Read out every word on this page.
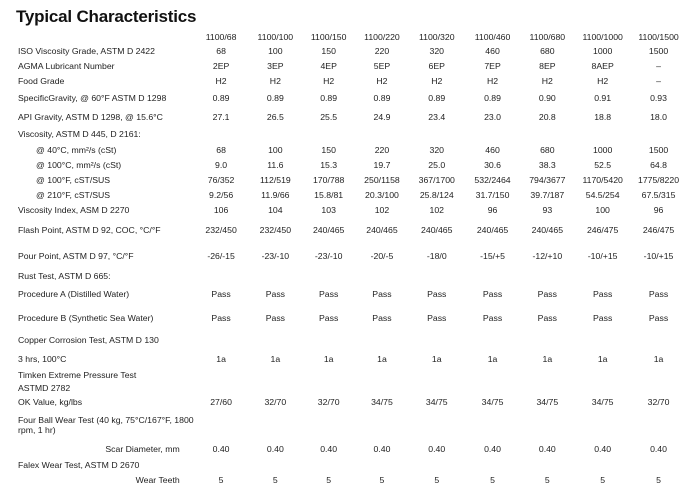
Typical Characteristics
	1100/68	1100/100	1100/150	1100/220	1100/320	1100/460	1100/680	1100/1000	1100/1500
ISO Viscosity Grade, ASTM D 2422	68	100	150	220	320	460	680	1000	1500
AGMA Lubricant Number	2EP	3EP	4EP	5EP	6EP	7EP	8EP	8AEP	–
Food Grade	H2	H2	H2	H2	H2	H2	H2	H2	–
SpecificGravity, @ 60°F ASTM D 1298	0.89	0.89	0.89	0.89	0.89	0.89	0.90	0.91	0.93
API Gravity, ASTM D 1298, @ 15.6°C	27.1	26.5	25.5	24.9	23.4	23.0	20.8	18.8	18.0
Viscosity, ASTM D 445, D 2161:									
@ 40°C, mm²/s (cSt)	68	100	150	220	320	460	680	1000	1500
@ 100°C, mm²/s (cSt)	9.0	11.6	15.3	19.7	25.0	30.6	38.3	52.5	64.8
@ 100°F, cST/SUS	76/352	112/519	170/788	250/1158	367/1700	532/2464	794/3677	1170/5420	1775/8220
@ 210°F, cST/SUS	9.2/56	11.9/66	15.8/81	20.3/100	25.8/124	31.7/150	39.7/187	54.5/254	67.5/315
Viscosity Index, ASM D 2270	106	104	103	102	102	96	93	100	96
Flash Point, ASTM D 92, COC, °C/°F	232/450	232/450	240/465	240/465	240/465	240/465	240/465	246/475	246/475
Pour Point, ASTM D 97, °C/°F	-26/-15	-23/-10	-23/-10	-20/-5	-18/0	-15/+5	-12/+10	-10/+15	-10/+15
Rust Test, ASTM D 665:									
Procedure A (Distilled Water)	Pass	Pass	Pass	Pass	Pass	Pass	Pass	Pass	Pass
Procedure B (Synthetic Sea Water)	Pass	Pass	Pass	Pass	Pass	Pass	Pass	Pass	Pass
Copper Corrosion Test, ASTM D 130									
3 hrs, 100°C	1a	1a	1a	1a	1a	1a	1a	1a	1a
Timken Extreme Pressure Test									
ASTMD 2782									
OK Value, kg/lbs	27/60	32/70	32/70	34/75	34/75	34/75	34/75	34/75	32/70
Four Ball Wear Test (40 kg, 75°C/167°F, 1800 rpm, 1 hr)									
Scar Diameter, mm	0.40	0.40	0.40	0.40	0.40	0.40	0.40	0.40	0.40
Falex Wear Test, ASTM D 2670									
Wear Teeth	5	5	5	5	5	5	5	5	5
